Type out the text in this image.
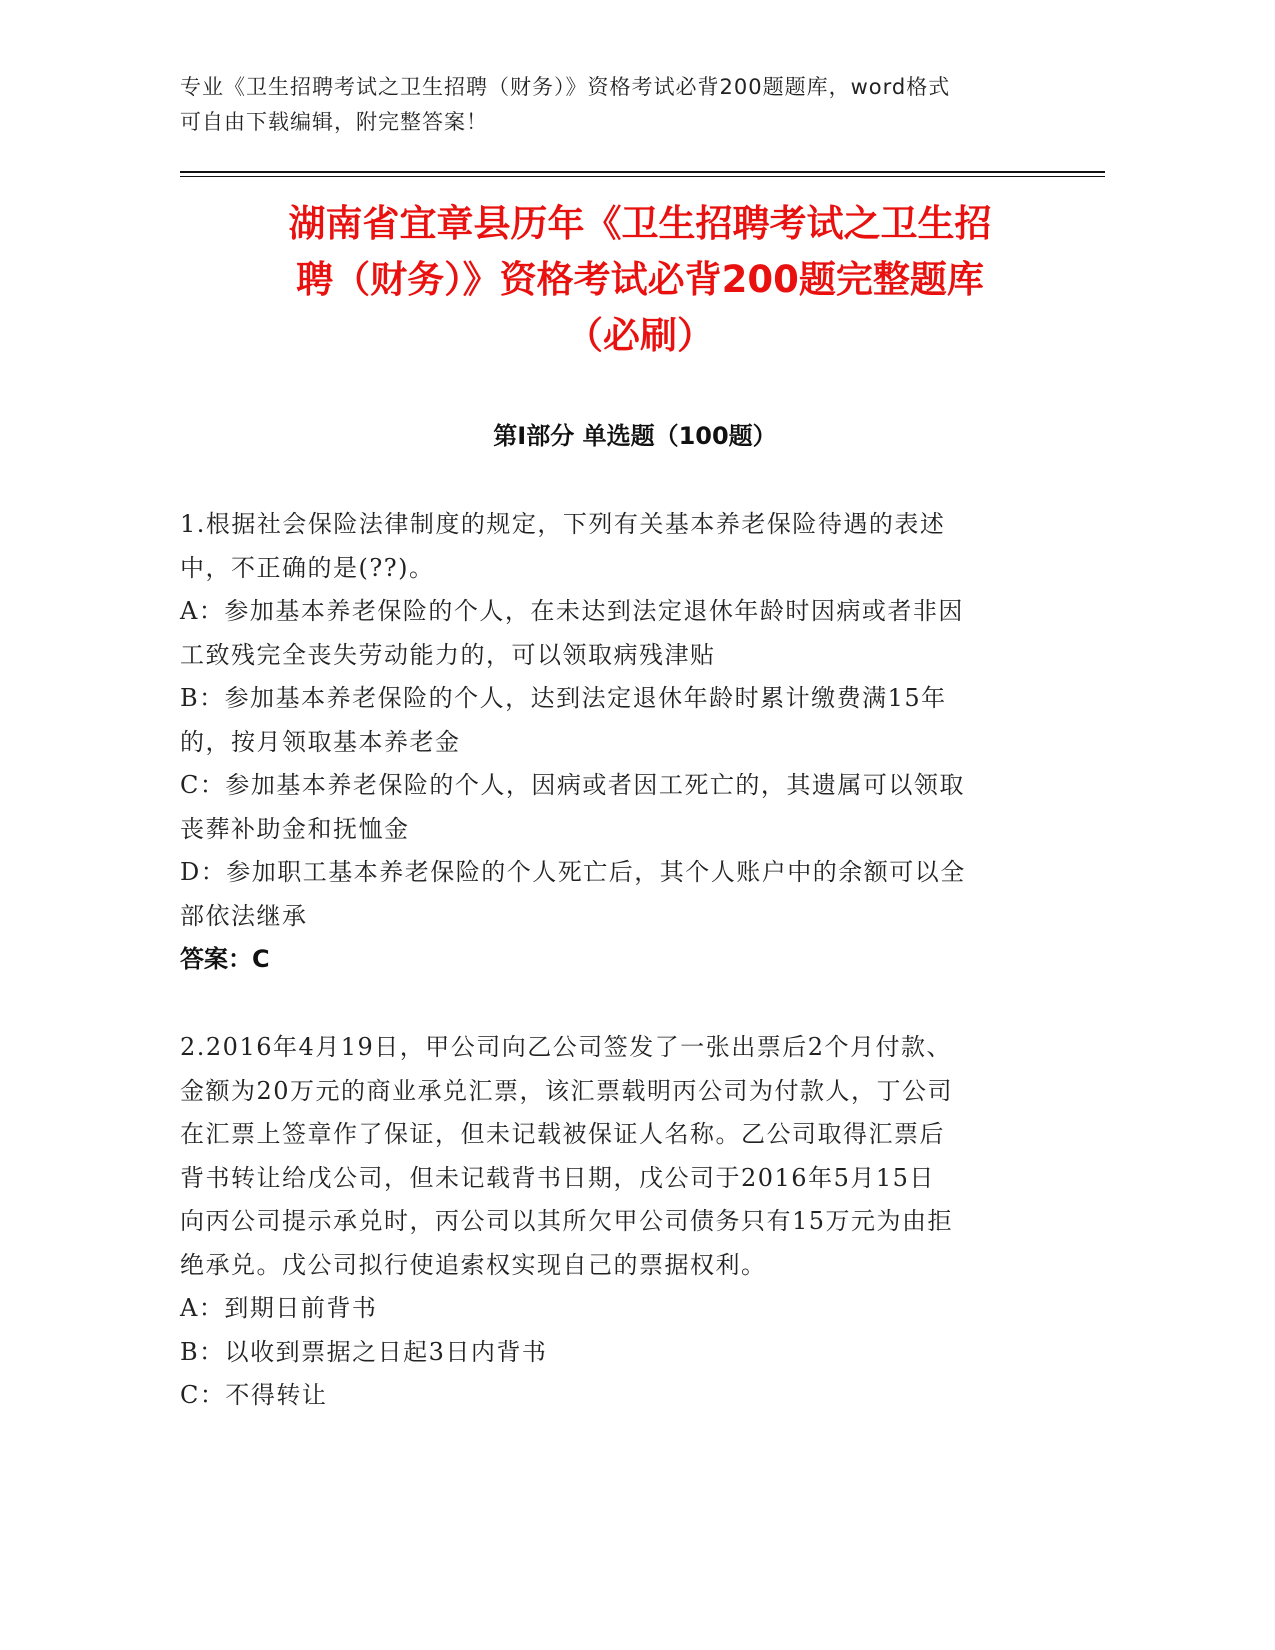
专业《卫生招聘考试之卫生招聘（财务）》资格考试必背200题题库，word格式
可自由下载编辑，附完整答案！
湖南省宜章县历年《卫生招聘考试之卫生招
聘（财务）》资格考试必背200题完整题库
（必刷）
第I部分 单选题（100题）
1.根据社会保险法律制度的规定，下列有关基本养老保险待遇的表述
中，不正确的是(??)。
A：参加基本养老保险的个人，在未达到法定退休年龄时因病或者非因
工致残完全丧失劳动能力的，可以领取病残津贴
B：参加基本养老保险的个人，达到法定退休年龄时累计缴费满15年
的，按月领取基本养老金
C：参加基本养老保险的个人，因病或者因工死亡的，其遗属可以领取
丧葬补助金和抚恤金
D：参加职工基本养老保险的个人死亡后，其个人账户中的余额可以全
部依法继承
答案：C
2.2016年4月19日，甲公司向乙公司签发了一张出票后2个月付款、
金额为20万元的商业承兑汇票，该汇票载明丙公司为付款人，丁公司
在汇票上签章作了保证，但未记载被保证人名称。乙公司取得汇票后
背书转让给戊公司，但未记载背书日期，戊公司于2016年5月15日
向丙公司提示承兑时，丙公司以其所欠甲公司债务只有15万元为由拒
绝承兑。戊公司拟行使追索权实现自己的票据权利。
A：到期日前背书
B：以收到票据之日起3日内背书
C：不得转让
